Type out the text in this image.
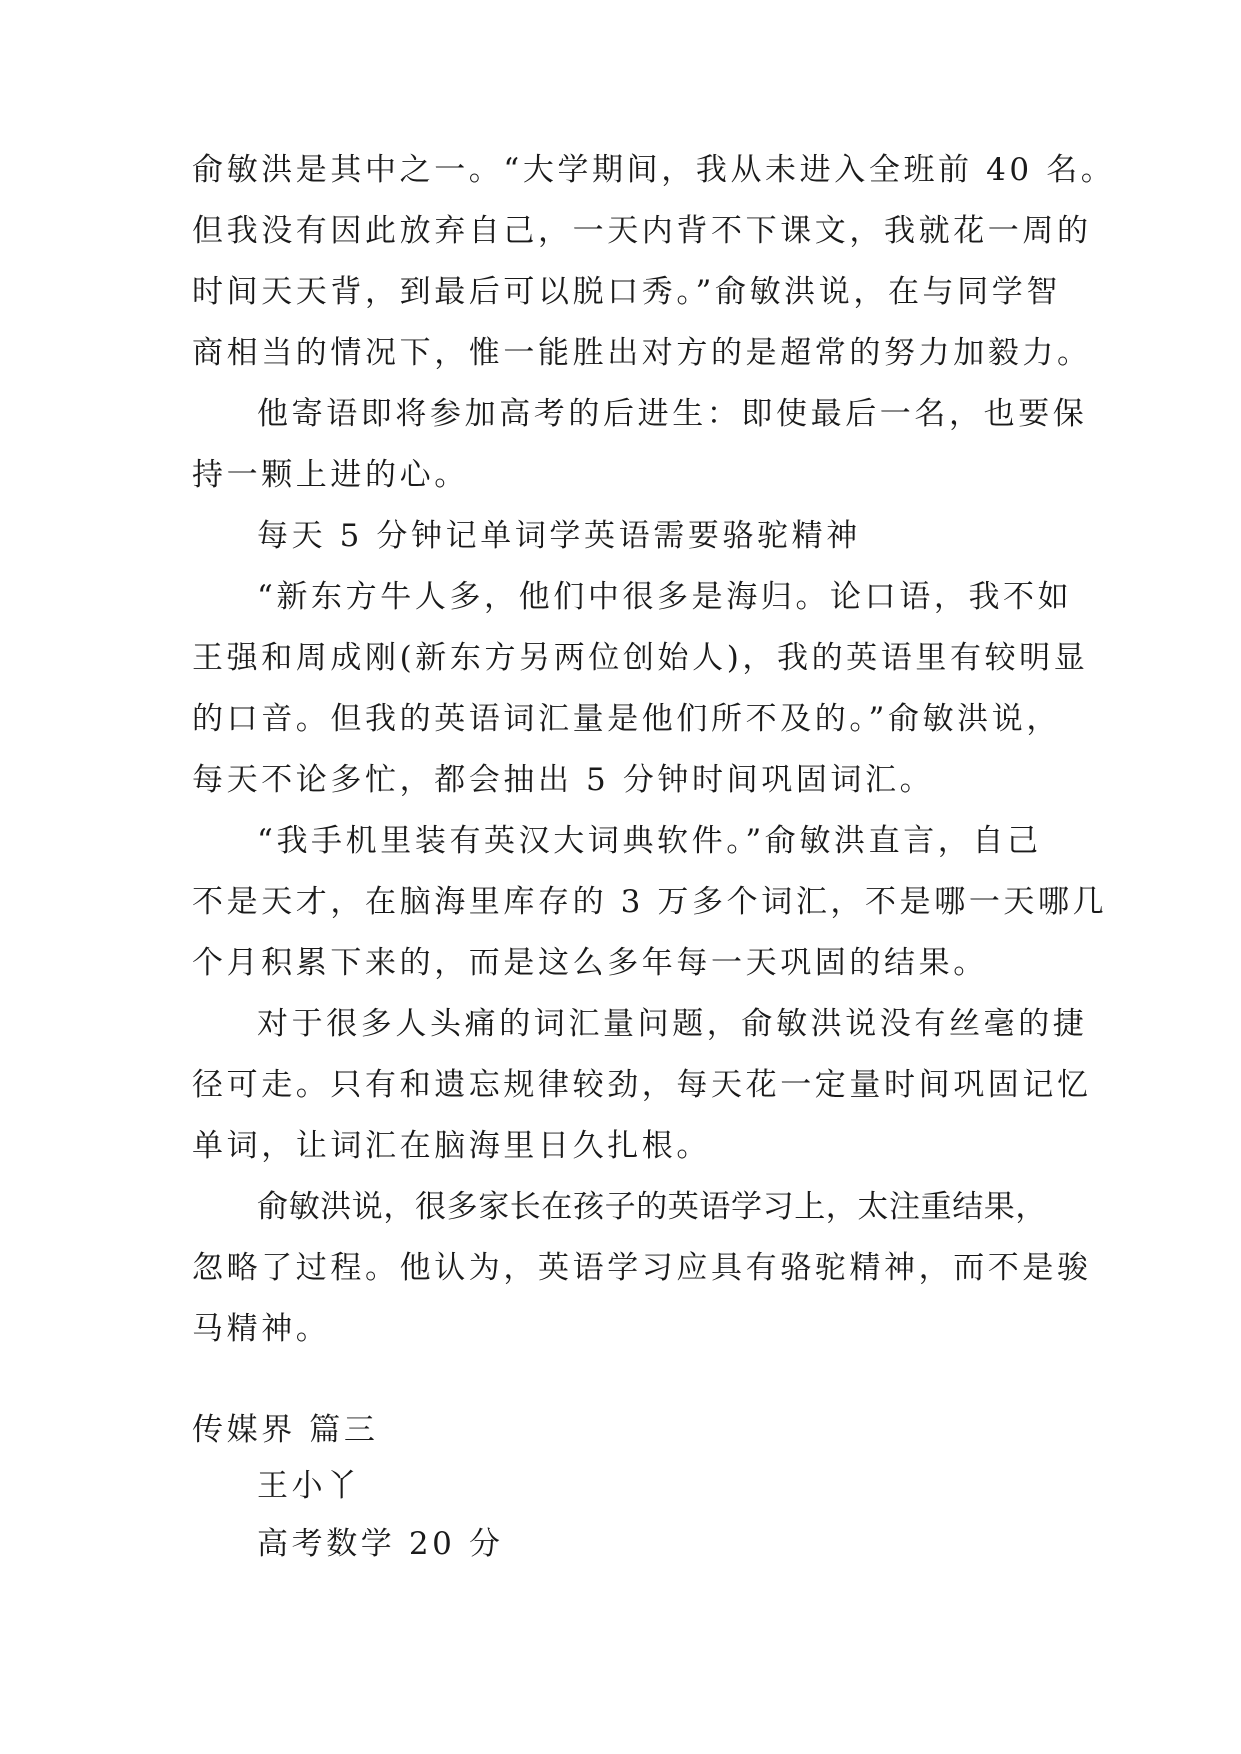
俞敏洪是其中之一。“大学期间，我从未进入全班前 40 名。
但我没有因此放弃自己，一天内背不下课文，我就花一周的
时间天天背，到最后可以脱口秀。”俞敏洪说，在与同学智
商相当的情况下，惟一能胜出对方的是超常的努力加毅力。
他寄语即将参加高考的后进生：即使最后一名，也要保
持一颗上进的心。
每天 5 分钟记单词学英语需要骆驼精神
“新东方牛人多，他们中很多是海归。论口语，我不如
王强和周成刚(新东方另两位创始人)，我的英语里有较明显
的口音。但我的英语词汇量是他们所不及的。”俞敏洪说，
每天不论多忙，都会抽出 5 分钟时间巩固词汇。
“我手机里装有英汉大词典软件。”俞敏洪直言，自己
不是天才，在脑海里库存的 3 万多个词汇，不是哪一天哪几
个月积累下来的，而是这么多年每一天巩固的结果。
对于很多人头痛的词汇量问题，俞敏洪说没有丝毫的捷
径可走。只有和遗忘规律较劲，每天花一定量时间巩固记忆
单词，让词汇在脑海里日久扎根。
俞敏洪说，很多家长在孩子的英语学习上，太注重结果，
忽略了过程。他认为，英语学习应具有骆驼精神，而不是骏
马精神。
传媒界 篇三
王小丫
高考数学 20 分
